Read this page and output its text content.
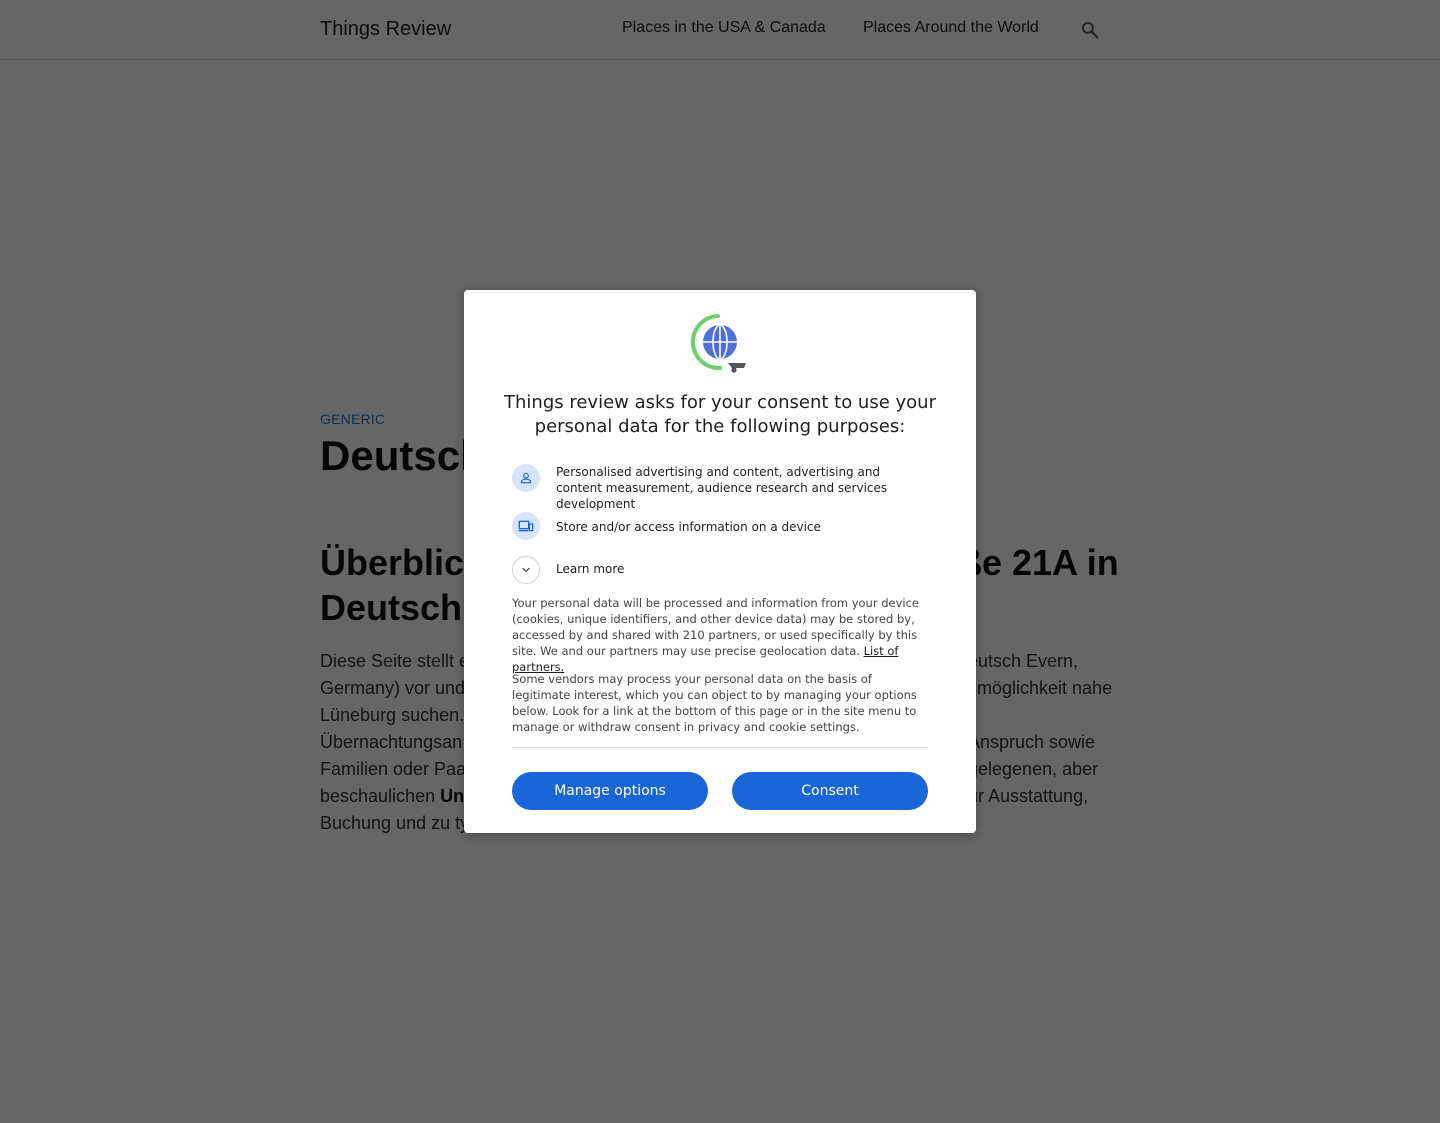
Things review asks for your consent to use your personal data for the following purposes:
Personalised advertising and content, advertising and content measurement, audience research and services development
Store and/or access information on a device
Learn more

Your personal data will be processed and information from your device (cookies, unique identifiers, and other device data) may be stored by, accessed by and shared with 210 partners, or used specifically by this site. We and our partners may use precise geolocation data. List of partners.

Some vendors may process your personal data on the basis of legitimate interest, which you can object to by managing your options below. Look for a link at the bottom of this page or in the site menu to manage or withdraw consent in privacy and cookie settings.

Manage options	Consent
